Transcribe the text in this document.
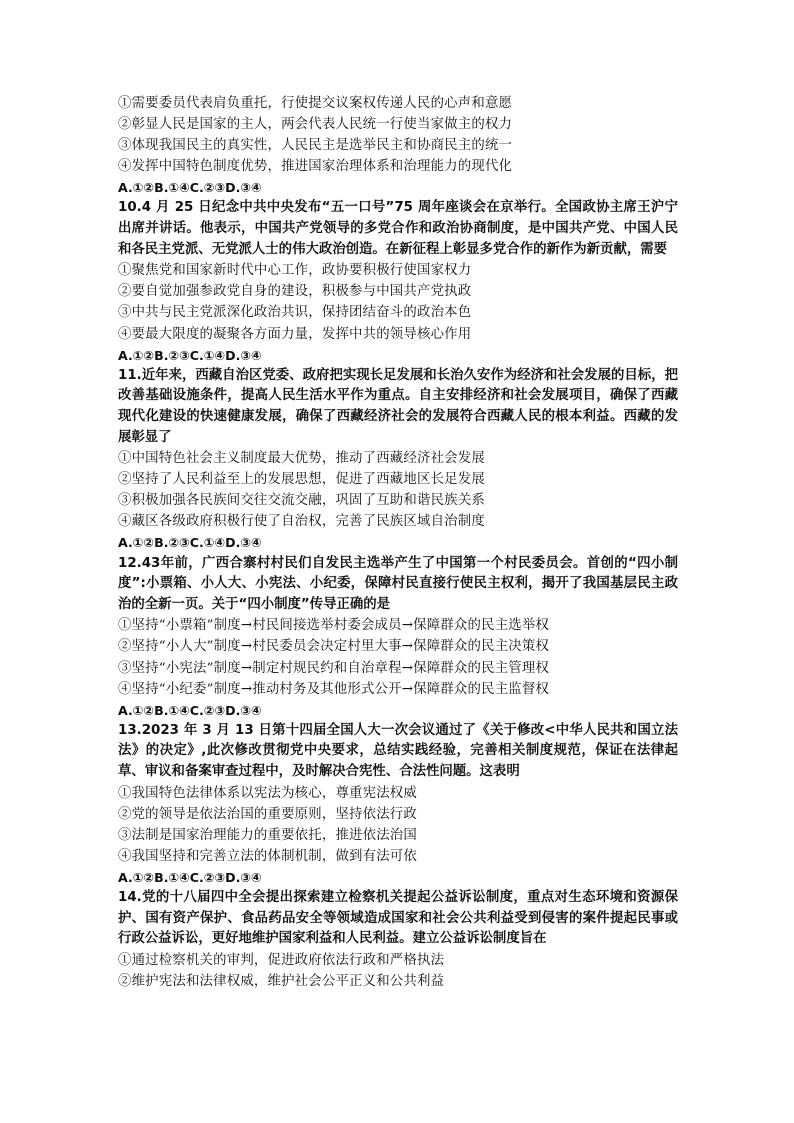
①需要委员代表肩负重托，行使提交议案权传递人民的心声和意愿
②彰显人民是国家的主人，两会代表人民统一行使当家做主的权力
③体现我国民主的真实性，人民民主是选举民主和协商民主的统一
④发挥中国特色制度优势，推进国家治理体系和治理能力的现代化
A.①②B.①④C.②③D.③④
10.4 月 25 日纪念中共中央发布“五一口号”75 周年座谈会在京举行。全国政协主席王沪宁出席并讲话。他表示，中国共产党领导的多党合作和政治协商制度，是中国共产党、中国人民和各民主党派、无党派人士的伟大政治创造。在新征程上彰显多党合作的新作为新贡献，需要
①聚焦党和国家新时代中心工作，政协要积极行使国家权力
②要自觉加强参政党自身的建设，积极参与中国共产党执政
③中共与民主党派深化政治共识，保持团结奋斗的政治本色
④要最大限度的凝聚各方面力量，发挥中共的领导核心作用
A.①②B.②③C.①④D.③④
11.近年来，西藏自治区党委、政府把实现长足发展和长治久安作为经济和社会发展的目标，把改善基础设施条件，提高人民生活水平作为重点。自主安排经济和社会发展项目，确保了西藏现代化建设的快速健康发展，确保了西藏经济社会的发展符合西藏人民的根本利益。西藏的发展彰显了
①中国特色社会主义制度最大优势，推动了西藏经济社会发展
②坚持了人民利益至上的发展思想，促进了西藏地区长足发展
③积极加强各民族间交往交流交融，巩固了互助和谐民族关系
④藏区各级政府积极行使了自治权，完善了民族区域自治制度
A.①②B.②③C.①④D.③④
12.43年前，广西合寨村村民们自发民主选举产生了中国第一个村民委员会。首创的“四小制度”:小票箱、小人大、小宪法、小纪委，保障村民直接行使民主权利，揭开了我国基层民主政治的全新一页。关于“四小制度”传导正确的是
①坚持“小票箱”制度→村民间接选举村委会成员→保障群众的民主选举权
②坚持“小人大”制度→村民委员会决定村里大事→保障群众的民主决策权
③坚持“小宪法”制度→制定村规民约和自治章程→保障群众的民主管理权
④坚持“小纪委”制度→推动村务及其他形式公开→保障群众的民主监督权
A.①②B.①④C.②③D.③④
13.2023 年 3 月 13 日第十四届全国人大一次会议通过了《关于修改<中华人民共和国立法法》的决定》,此次修改贯彻党中央要求，总结实践经验，完善相关制度规范，保证在法律起草、审议和备案审查过程中，及时解决合宪性、合法性问题。这表明
①我国特色法律体系以宪法为核心，尊重宪法权威
②党的领导是依法治国的重要原则，坚持依法行政
③法制是国家治理能力的重要依托，推进依法治国
④我国坚持和完善立法的体制机制，做到有法可依
A.①②B.①④C.②③D.③④
14.党的十八届四中全会提出探索建立检察机关提起公益诉讼制度，重点对生态环境和资源保护、国有资产保护、食品药品安全等领域造成国家和社会公共利益受到侵害的案件提起民事或行政公益诉讼，更好地维护国家利益和人民利益。建立公益诉讼制度旨在
①通过检察机关的审判，促进政府依法行政和严格执法
②维护宪法和法律权威，维护社会公平正义和公共利益
